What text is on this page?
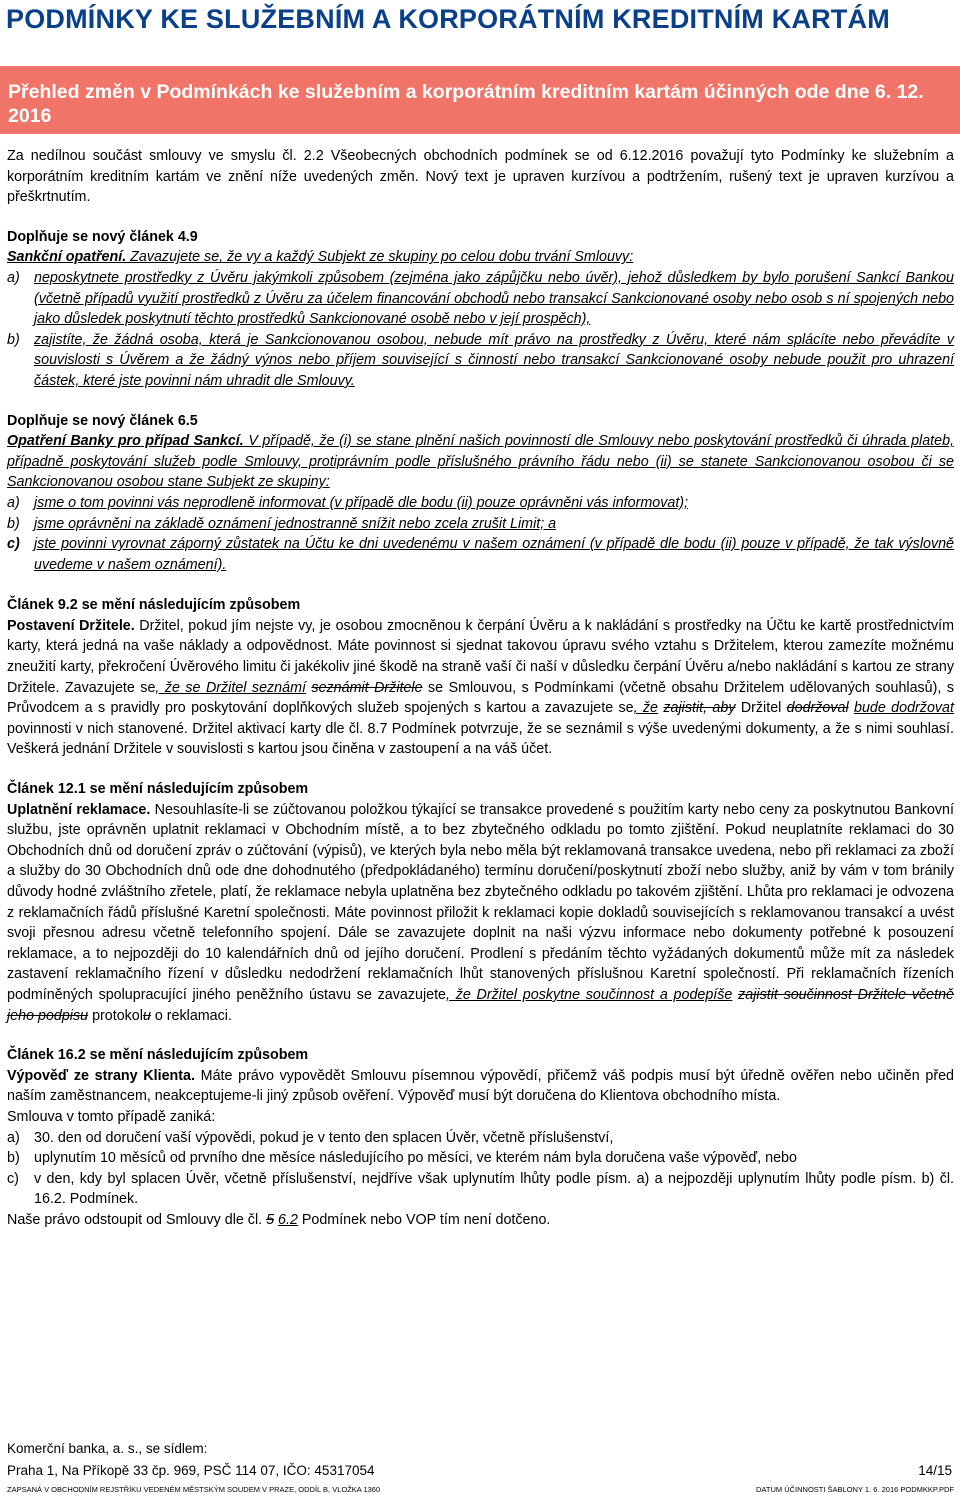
PODMÍNKY KE SLUŽEBNÍM A KORPORÁTNÍM KREDITNÍM KARTÁM
Přehled změn v Podmínkách ke služebním a korporátním kreditním kartám účinných ode dne 6. 12. 2016

Za nedílnou součást smlouvy ve smyslu čl. 2.2 Všeobecných obchodních podmínek se od 6.12.2016 považují tyto Podmínky ke služebním a korporátním kreditním kartám ve znění níže uvedených změn. Nový text je upraven kurzívou a podtržením, rušený text je upraven kurzívou a přeškrtnutím.

Doplňuje se nový článek 4.9

Sankční opatření. Zavazujete se, že vy a každý Subjekt ze skupiny po celou dobu trvání Smlouvy:

a) neposkytnete prostředky z Úvěru jakýmkoli způsobem (zejména jako zápůjčku nebo úvěr), jehož důsledkem by bylo porušení Sankcí Bankou (včetně případů využití prostředků z Úvěru za účelem financování obchodů nebo transakcí Sankcionované osoby nebo osob s ní spojených nebo jako důsledek poskytnutí těchto prostředků Sankcionované osobě nebo v její prospěch),
b) zajistíte, že žádná osoba, která je Sankcionovanou osobou, nebude mít právo na prostředky z Úvěru, které nám splácíte nebo převádíte v souvislosti s Úvěrem a že žádný výnos nebo příjem související s činností nebo transakcí Sankcionované osoby nebude použit pro uhrazení částek, které jste povinni nám uhradit dle Smlouvy.

Doplňuje se nový článek 6.5

Opatření Banky pro případ Sankcí. V případě, že (i) se stane plnění našich povinností dle Smlouvy nebo poskytování prostředků či úhrada plateb, případně poskytování služeb podle Smlouvy, protiprávním podle příslušného právního řádu nebo (ii) se stanete Sankcionovanou osobou či se Sankcionovanou osobou stane Subjekt ze skupiny:

a) jsme o tom povinni vás neprodleně informovat (v případě dle bodu (ii) pouze oprávněni vás informovat);
b) jsme oprávněni na základě oznámení jednostranně snížit nebo zcela zrušit Limit; a
c) jste povinni vyrovnat záporný zůstatek na Účtu ke dni uvedenému v našem oznámení (v případě dle bodu (ii) pouze v případě, že tak výslovně uvedeme v našem oznámení).

Článek 9.2 se mění následujícím způsobem

Postavení Držitele. Držitel, pokud jím nejste vy, je osobou zmocněnou k čerpání Úvěru a k nakládání s prostředky na Účtu ke kartě prostřednictvím karty, která jedná na vaše náklady a odpovědnost. Máte povinnost si sjednat takovou úpravu svého vztahu s Držitelem, kterou zamezíte možnému zneužití karty, překročení Úvěrového limitu či jakékoliv jiné škodě na straně vaší či naší v důsledku čerpání Úvěru a/nebo nakládání s kartou ze strany Držitele. Zavazujete se, že se Držitel seznámí seznámit Držitele se Smlouvou, s Podmínkami (včetně obsahu Držitelem udělovaných souhlasů), s Průvodcem a s pravidly pro poskytování doplňkových služeb spojených s kartou a zavazujete se, že zajistit, aby Držitel dodržoval bude dodržovat povinnosti v nich stanovené. Držitel aktivací karty dle čl. 8.7 Podmínek potvrzuje, že se seznámil s výše uvedenými dokumenty, a že s nimi souhlasí. Veškerá jednání Držitele v souvislosti s kartou jsou činěna v zastoupení a na váš účet.

Článek 12.1 se mění následujícím způsobem

Uplatnění reklamace. Nesouhlasíte-li se zúčtovanou položkou týkající se transakce provedené s použitím karty nebo ceny za poskytnutou Bankovní službu, jste oprávněn uplatnit reklamaci v Obchodním místě, a to bez zbytečného odkladu po tomto zjištění. Pokud neuplatníte reklamaci do 30 Obchodních dnů od doručení zpráv o zúčtování (výpisů), ve kterých byla nebo měla být reklamovaná transakce uvedena, nebo při reklamaci za zboží a služby do 30 Obchodních dnů ode dne dohodnutého (předpokládaného) termínu doručení/poskytnutí zboží nebo služby, aniž by vám v tom bránily důvody hodné zvláštního zřetele, platí, že reklamace nebyla uplatněna bez zbytečného odkladu po takovém zjištění. Lhůta pro reklamaci je odvozena z reklamačních řádů příslušné Karetní společnosti. Máte povinnost přiložit k reklamaci kopie dokladů souvisejících s reklamovanou transakcí a uvést svoji přesnou adresu včetně telefonního spojení. Dále se zavazujete doplnit na naši výzvu informace nebo dokumenty potřebné k posouzení reklamace, a to nejpozději do 10 kalendářních dnů od jejího doručení. Prodlení s předáním těchto vyžádaných dokumentů může mít za následek zastavení reklamačního řízení v důsledku nedodržení reklamačních lhůt stanovených příslušnou Karetní společností. Při reklamačních řízeních podmíněných spolupracující jiného peněžního ústavu se zavazujete, že Držitel poskytne součinnost a podepíše zajistit součinnost Držitele včetně jeho podpisu protokolu o reklamaci.

Článek 16.2 se mění následujícím způsobem

Výpověď ze strany Klienta. Máte právo vypovědět Smlouvu písemnou výpovědí, přičemž váš podpis musí být úředně ověřen nebo učiněn před naším zaměstnancem, neakceptujeme-li jiný způsob ověření. Výpověď musí být doručena do Klientova obchodního místa.

Smlouva v tomto případě zaniká:

a) 30. den od doručení vaší výpovědi, pokud je v tento den splacen Úvěr, včetně příslušenství,
b) uplynutím 10 měsíců od prvního dne měsíce následujícího po měsíci, ve kterém nám byla doručena vaše výpověď, nebo
c)	v den, kdy byl splacen Úvěr, včetně příslušenství, nejdříve však uplynutím lhůty podle písm. a) a nejpozději uplynutím lhůty podle písm. b) čl. 16.2. Podmínek.

Naše právo odstoupit od Smlouvy dle čl. 5 6.2 Podmínek nebo VOP tím není dotčeno.

Komerční banka, a. s., se sídlem:
Praha 1, Na Příkopě 33 čp. 969, PSČ 114 07, IČO: 45317054	14/15
ZAPSANÁ V OBCHODNÍM REJSTŘÍKU VEDENÉM MĚSTSKÝM SOUDEM V PRAZE, ODDÍL B, VLOŽKA 1360	DATUM ÚČINNOSTI ŠABLONY 1. 6. 2016 PODMKKP.PDF
